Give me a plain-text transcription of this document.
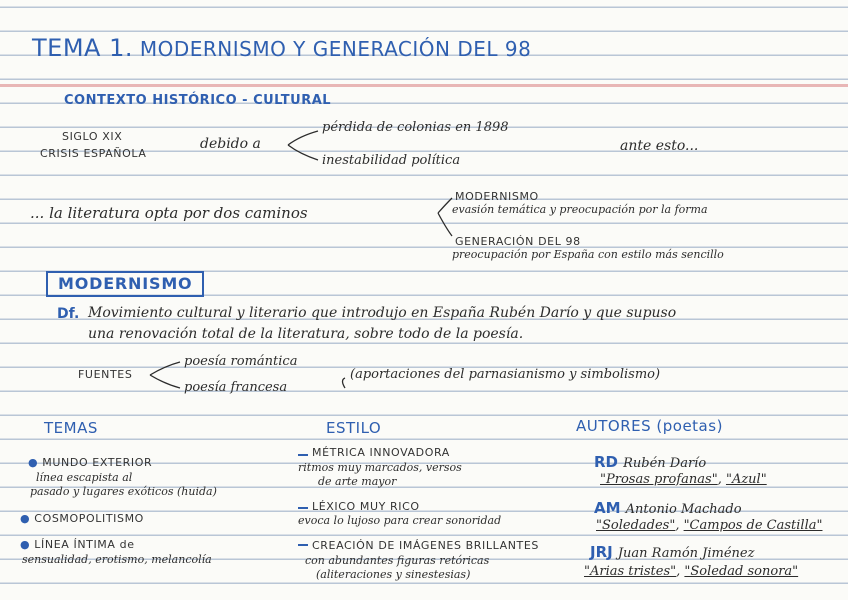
TEMA 1. MODERNISMO Y GENERACIÓN DEL 98
CONTEXTO HISTÓRICO - CULTURAL
SIGLO XIX
CRISIS ESPAÑOLA
debido a
pérdida de colonias en 1898
inestabilidad política
ante esto...
... la literatura opta por dos caminos
MODERNISMO
evasión temática y preocupación por la forma
GENERACIÓN DEL 98
preocupación por España con estilo más sencillo
MODERNISMO
Df. Movimiento cultural y literario que introdujo en España Rubén Darío y que supuso
una renovación total de la literatura, sobre todo de la poesía.
FUENTES
poesía romántica
poesía francesa
(aportaciones del parnasianismo y simbolismo)
TEMAS
● MUNDO EXTERIOR
línea escapista al
pasado y lugares exóticos (huida)
● COSMOPOLITISMO
● LÍNEA ÍNTIMA de
sensualidad, erotismo, melancolía
ESTILO
MÉTRICA INNOVADORA
ritmos muy marcados, versos
de arte mayor
LÉXICO MUY RICO
evoca lo lujoso para crear sonoridad
CREACIÓN DE IMÁGENES BRILLANTES
con abundantes figuras retóricas
(aliteraciones y sinestesias)
AUTORES (poetas)
RD Rubén Darío
"Prosas profanas", "Azul"
AM Antonio Machado
"Soledades", "Campos de Castilla"
JRJ Juan Ramón Jiménez
"Arias tristes", "Soledad sonora"
